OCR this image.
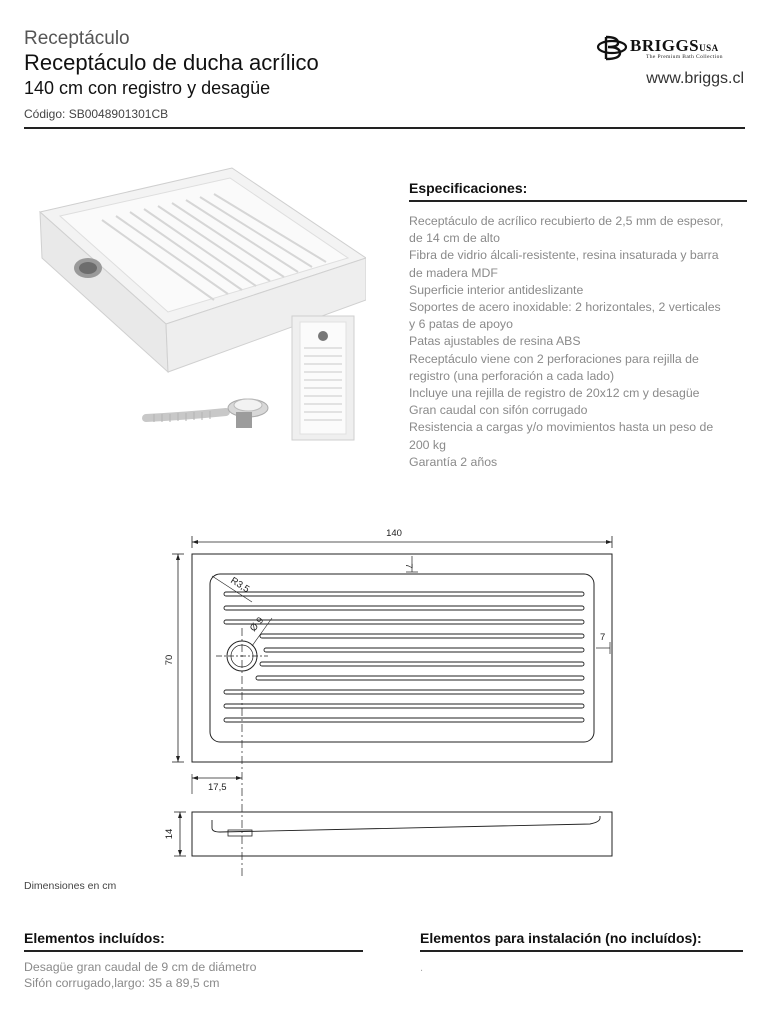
Receptáculo
Receptáculo de ducha acrílico
140 cm con registro y desagüe
Código: SB0048901301CB
BRIGGSUSA
The Premium Bath Collection
www.briggs.cl
Especificaciones:
Receptáculo de acrílico recubierto de 2,5 mm de espesor, de 14 cm de alto
Fibra de vidrio álcali-resistente, resina insaturada y barra de madera MDF
Superficie interior antideslizante
Soportes de acero inoxidable: 2 horizontales, 2 verticales y 6 patas de apoyo
Patas ajustables de resina ABS
Receptáculo viene con 2 perforaciones para rejilla de registro (una perforación a cada lado)
Incluye una rejilla de registro de 20x12 cm y desagüe
Gran caudal con sifón corrugado
Resistencia a cargas y/o movimientos hasta un peso de 200 kg
Garantía 2 años
140
70
R3,5
Ø 9
7
7
17,5
14
Dimensiones en cm
Elementos incluídos:
Desagüe gran caudal de 9 cm de diámetro
Sifón corrugado,largo: 35 a 89,5 cm
Elementos para instalación (no incluídos):
.
